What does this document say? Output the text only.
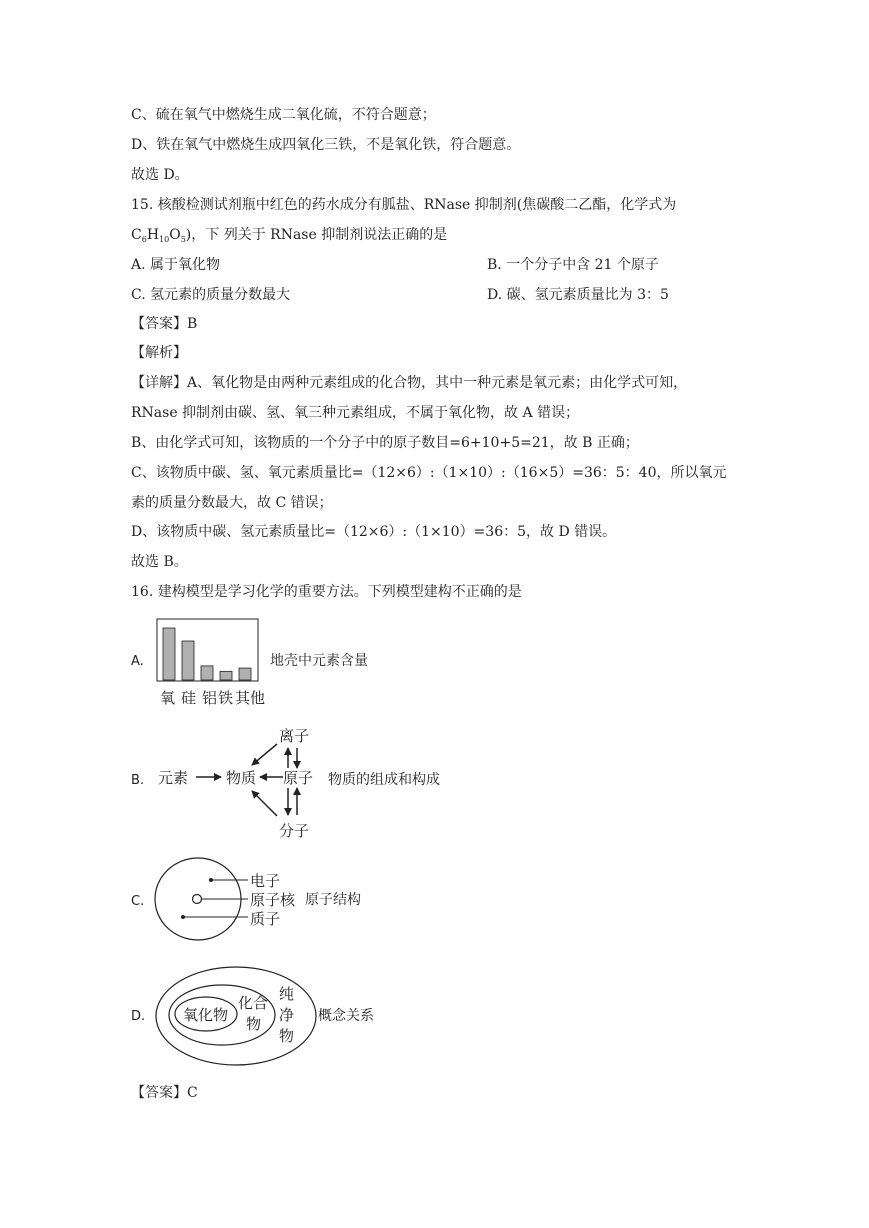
C、硫在氧气中燃烧生成二氧化硫，不符合题意；
D、铁在氧气中燃烧生成四氧化三铁，不是氧化铁，符合题意。
故选 D。
15. 核酸检测试剂瓶中红色的药水成分有胍盐、RNase 抑制剂(焦碳酸二乙酯，化学式为
$C_6H_{10}O_5$)，下 列关于 RNase 抑制剂说法正确的是
A. 属于氧化物	B. 一个分子中含 21 个原子
C. 氢元素的质量分数最大	D. 碳、氢元素质量比为 3：5
【答案】B
【解析】
【详解】A、氧化物是由两种元素组成的化合物，其中一种元素是氧元素；由化学式可知，
RNase 抑制剂由碳、氢、氧三种元素组成，不属于氧化物，故 A 错误；
B、由化学式可知，该物质的一个分子中的原子数目=6+10+5=21，故 B 正确；
C、该物质中碳、氢、氧元素质量比=（12×6）:（1×10）:（16×5）=36：5：40，所以氧元
素的质量分数最大，故 C 错误；
D、该物质中碳、氢元素质量比=（12×6）:（1×10）=36：5，故 D 错误。
故选 B。
16. 建构模型是学习化学的重要方法。下列模型建构不正确的是
【答案】C
A.
氧 硅 铝 铁 其他
地壳中元素含量
B. 元素	物质 原子
离子
分子
物质的组成和构成
C.
电子
原子核
质子
原子结构
D.	氧化物
化合
物
纯
净
物
概念关系
